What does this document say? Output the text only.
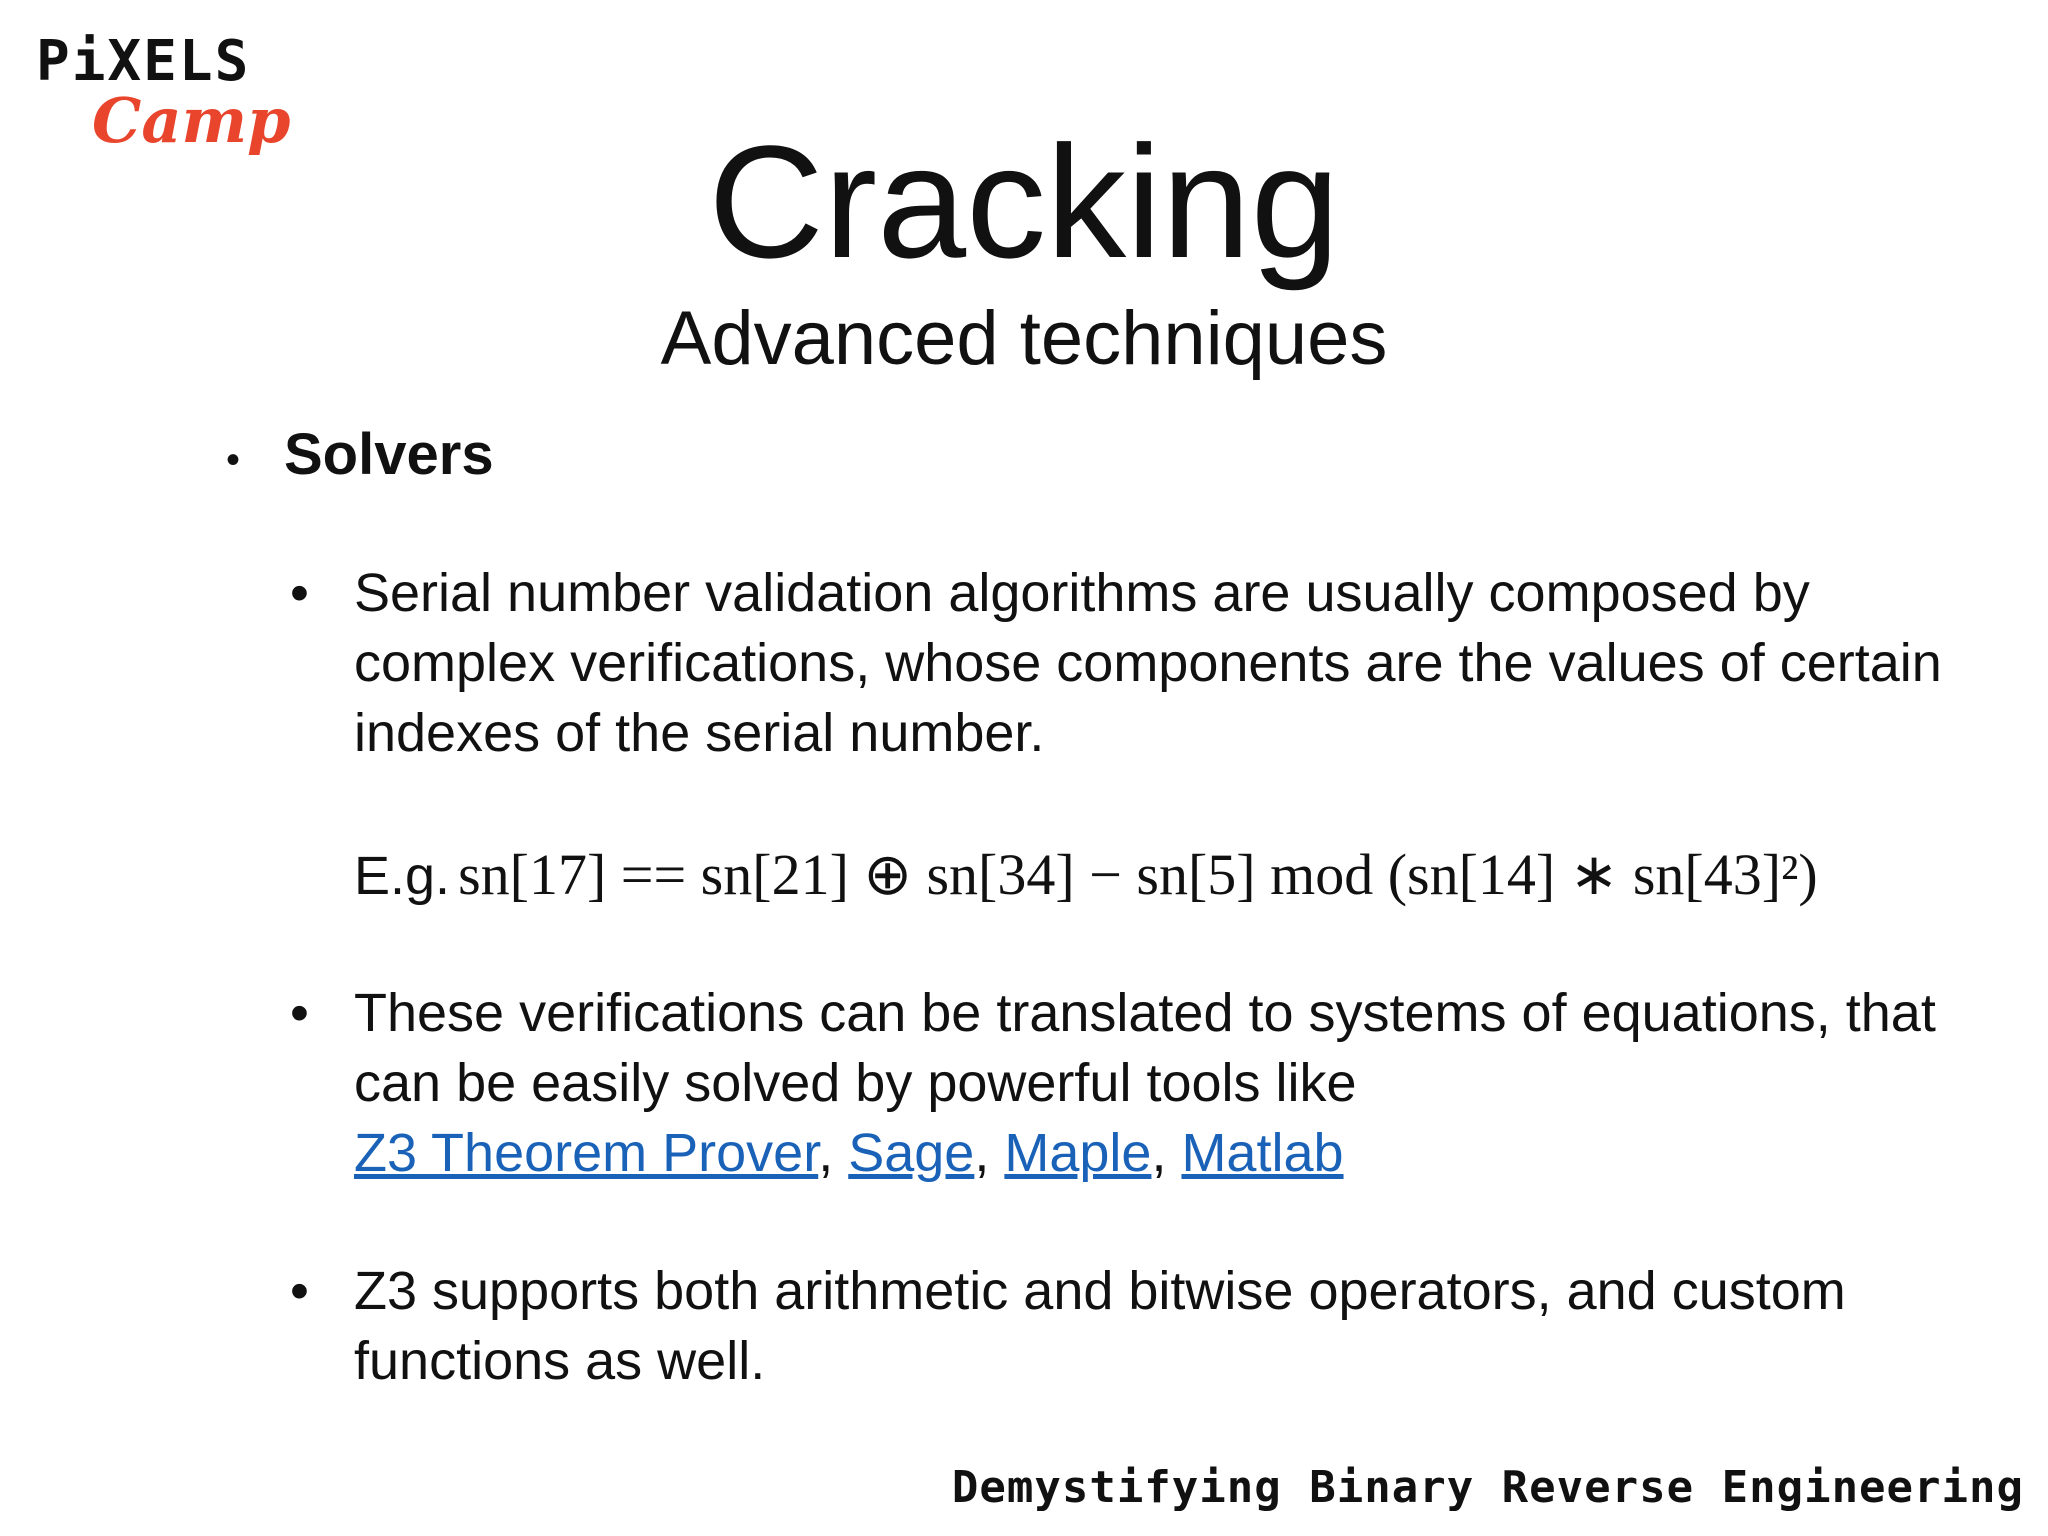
PiXELS
Camp	Cracking
Advanced techniques
• Solvers
• Serial number validation algorithms are usually composed by complex verifications, whose components are the values of certain indexes of the serial number.
E.g. sn[17] == sn[21] ⊕ sn[34] − sn[5] mod (sn[14] ∗ sn[43]²)
• These verifications can be translated to systems of equations, that can be easily solved by powerful tools like
Z3 Theorem Prover, Sage, Maple, Matlab
• Z3 supports both arithmetic and bitwise operators, and custom functions as well.
Demystifying Binary Reverse Engineering
